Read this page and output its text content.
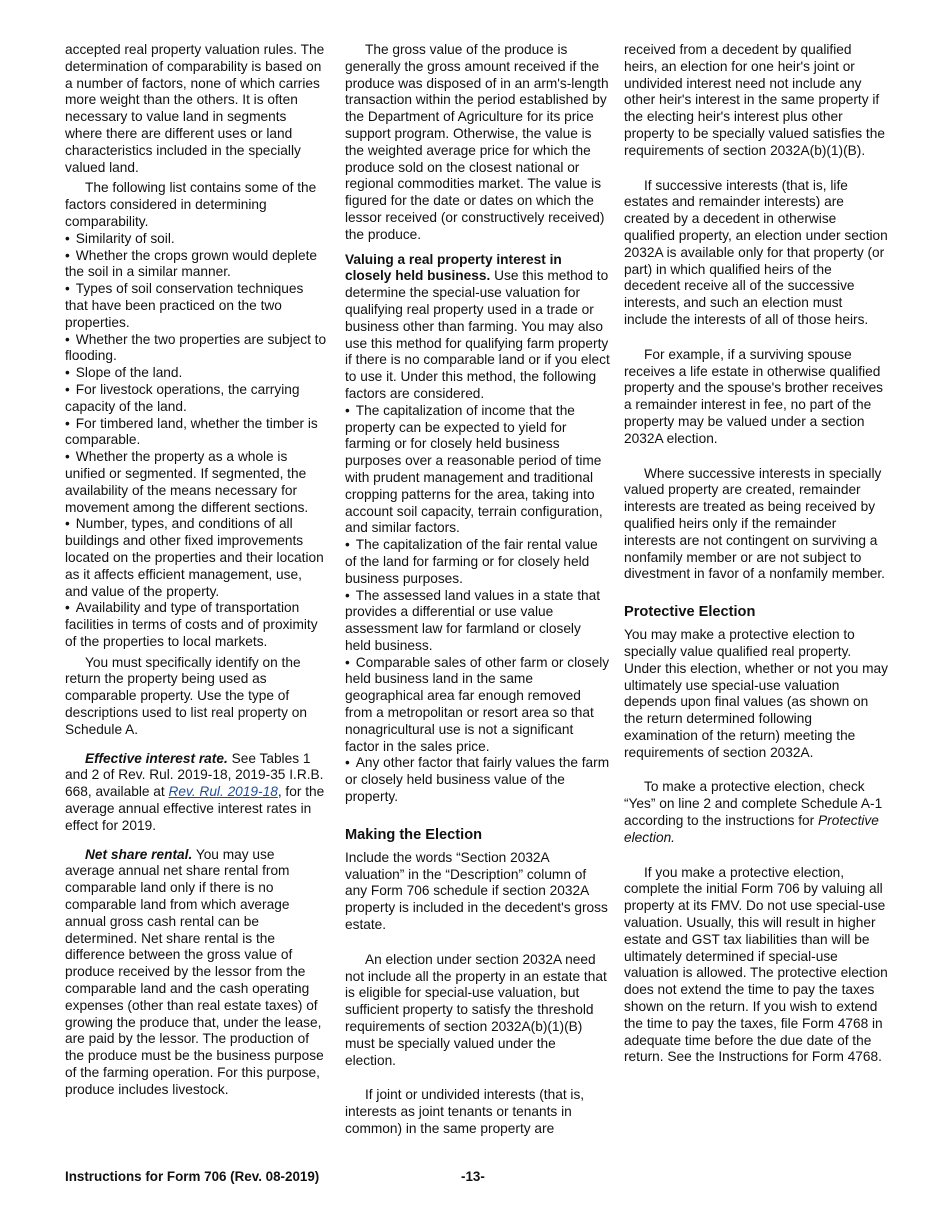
accepted real property valuation rules. The determination of comparability is based on a number of factors, none of which carries more weight than the others. It is often necessary to value land in segments where there are different uses or land characteristics included in the specially valued land.

The following list contains some of the factors considered in determining comparability.

• Similarity of soil.

• Whether the crops grown would deplete the soil in a similar manner.

• Types of soil conservation techniques that have been practiced on the two properties.

• Whether the two properties are subject to flooding.

• Slope of the land.

• For livestock operations, the carrying capacity of the land.

• For timbered land, whether the timber is comparable.

• Whether the property as a whole is unified or segmented. If segmented, the availability of the means necessary for movement among the different sections.

• Number, types, and conditions of all buildings and other fixed improvements located on the properties and their location as it affects efficient management, use, and value of the property.

• Availability and type of transportation facilities in terms of costs and of proximity of the properties to local markets.

You must specifically identify on the return the property being used as comparable property. Use the type of descriptions used to list real property on Schedule A.

Effective interest rate. See Tables 1 and 2 of Rev. Rul. 2019-18, 2019-35 I.R.B. 668, available at Rev. Rul. 2019-18, for the average annual effective interest rates in effect for 2019.

Net share rental. You may use average annual net share rental from comparable land only if there is no comparable land from which average annual gross cash rental can be determined. Net share rental is the difference between the gross value of produce received by the lessor from the comparable land and the cash operating expenses (other than real estate taxes) of growing the produce that, under the lease, are paid by the lessor. The production of the produce must be the business purpose of the farming operation. For this purpose, produce includes livestock.

The gross value of the produce is generally the gross amount received if the produce was disposed of in an arm's-length transaction within the period established by the Department of Agriculture for its price support program. Otherwise, the value is the weighted average price for which the produce sold on the closest national or regional commodities market. The value is figured for the date or dates on which the lessor received (or constructively received) the produce.

Valuing a real property interest in closely held business. Use this method to determine the special-use valuation for qualifying real property used in a trade or business other than farming. You may also use this method for qualifying farm property if there is no comparable land or if you elect to use it. Under this method, the following factors are considered.

• The capitalization of income that the property can be expected to yield for farming or for closely held business purposes over a reasonable period of time with prudent management and traditional cropping patterns for the area, taking into account soil capacity, terrain configuration, and similar factors.

• The capitalization of the fair rental value of the land for farming or for closely held business purposes.

• The assessed land values in a state that provides a differential or use value assessment law for farmland or closely held business.

• Comparable sales of other farm or closely held business land in the same geographical area far enough removed from a metropolitan or resort area so that nonagricultural use is not a significant factor in the sales price.

• Any other factor that fairly values the farm or closely held business value of the property.

Making the Election

Include the words “Section 2032A valuation” in the “Description” column of any Form 706 schedule if section 2032A property is included in the decedent's gross estate.

An election under section 2032A need not include all the property in an estate that is eligible for special-use valuation, but sufficient property to satisfy the threshold requirements of section 2032A(b)(1)(B) must be specially valued under the election.

If joint or undivided interests (that is, interests as joint tenants or tenants in common) in the same property are

received from a decedent by qualified heirs, an election for one heir's joint or undivided interest need not include any other heir's interest in the same property if the electing heir's interest plus other property to be specially valued satisfies the requirements of section 2032A(b)(1)(B).

If successive interests (that is, life estates and remainder interests) are created by a decedent in otherwise qualified property, an election under section 2032A is available only for that property (or part) in which qualified heirs of the decedent receive all of the successive interests, and such an election must include the interests of all of those heirs.

For example, if a surviving spouse receives a life estate in otherwise qualified property and the spouse's brother receives a remainder interest in fee, no part of the property may be valued under a section 2032A election.

Where successive interests in specially valued property are created, remainder interests are treated as being received by qualified heirs only if the remainder interests are not contingent on surviving a nonfamily member or are not subject to divestment in favor of a nonfamily member.

Protective Election

You may make a protective election to specially value qualified real property. Under this election, whether or not you may ultimately use special-use valuation depends upon final values (as shown on the return determined following examination of the return) meeting the requirements of section 2032A.

To make a protective election, check “Yes” on line 2 and complete Schedule A-1 according to the instructions for Protective election.

If you make a protective election, complete the initial Form 706 by valuing all property at its FMV. Do not use special-use valuation. Usually, this will result in higher estate and GST tax liabilities than will be ultimately determined if special-use valuation is allowed. The protective election does not extend the time to pay the taxes shown on the return. If you wish to extend the time to pay the taxes, file Form 4768 in adequate time before the due date of the return. See the Instructions for Form 4768.

Instructions for Form 706 (Rev. 08-2019)	-13-
